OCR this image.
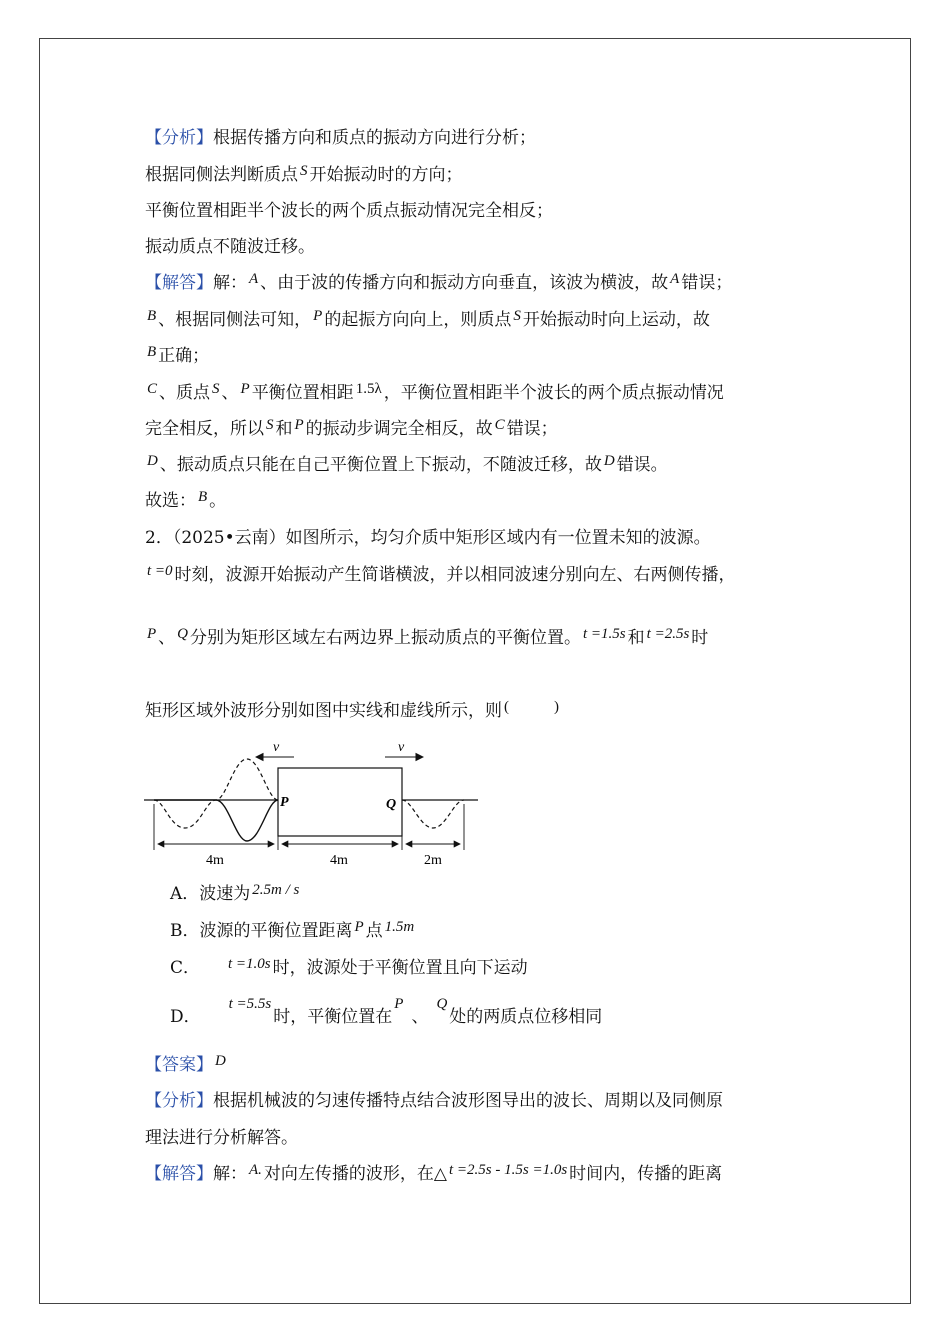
【分析】根据传播方向和质点的振动方向进行分析；
根据同侧法判断质点 S 开始振动时的方向；
平衡位置相距半个波长的两个质点振动情况完全相反；
振动质点不随波迁移。
【解答】解： A 、由于波的传播方向和振动方向垂直，该波为横波，故 A 错误；
B 、根据同侧法可知， P 的起振方向向上，则质点 S 开始振动时向上运动，故
B 正确；
C 、质点 S 、 P 平衡位置相距 1.5λ ，平衡位置相距半个波长的两个质点振动情况
完全相反，所以 S 和 P 的振动步调完全相反，故 C 错误；
D 、振动质点只能在自己平衡位置上下振动，不随波迁移，故 D 错误。
故选： B 。
2．（2025•云南）如图所示，均匀介质中矩形区域内有一位置未知的波源。
t =0 时刻，波源开始振动产生简谐横波，并以相同波速分别向左、右两侧传播，
P 、 Q 分别为矩形区域左右两边界上振动质点的平衡位置。 t =1.5s 和 t =2.5s 时
矩形区域外波形分别如图中实线和虚线所示，则 (　　　)
v	v
P	Q
4m	4m	2m
A．波速为 2.5m / s
B．波源的平衡位置距离 P 点 1.5m
C． t =1.0s 时，波源处于平衡位置且向下运动
D．t =5.5s时，平衡位置在P、Q处的两质点位移相同
【答案】 D
【分析】根据机械波的匀速传播特点结合波形图导出的波长、周期以及同侧原
理法进行分析解答。
【解答】解： A. 对向左传播的波形，在△ t =2.5s - 1.5s =1.0s 时间内，传播的距离
